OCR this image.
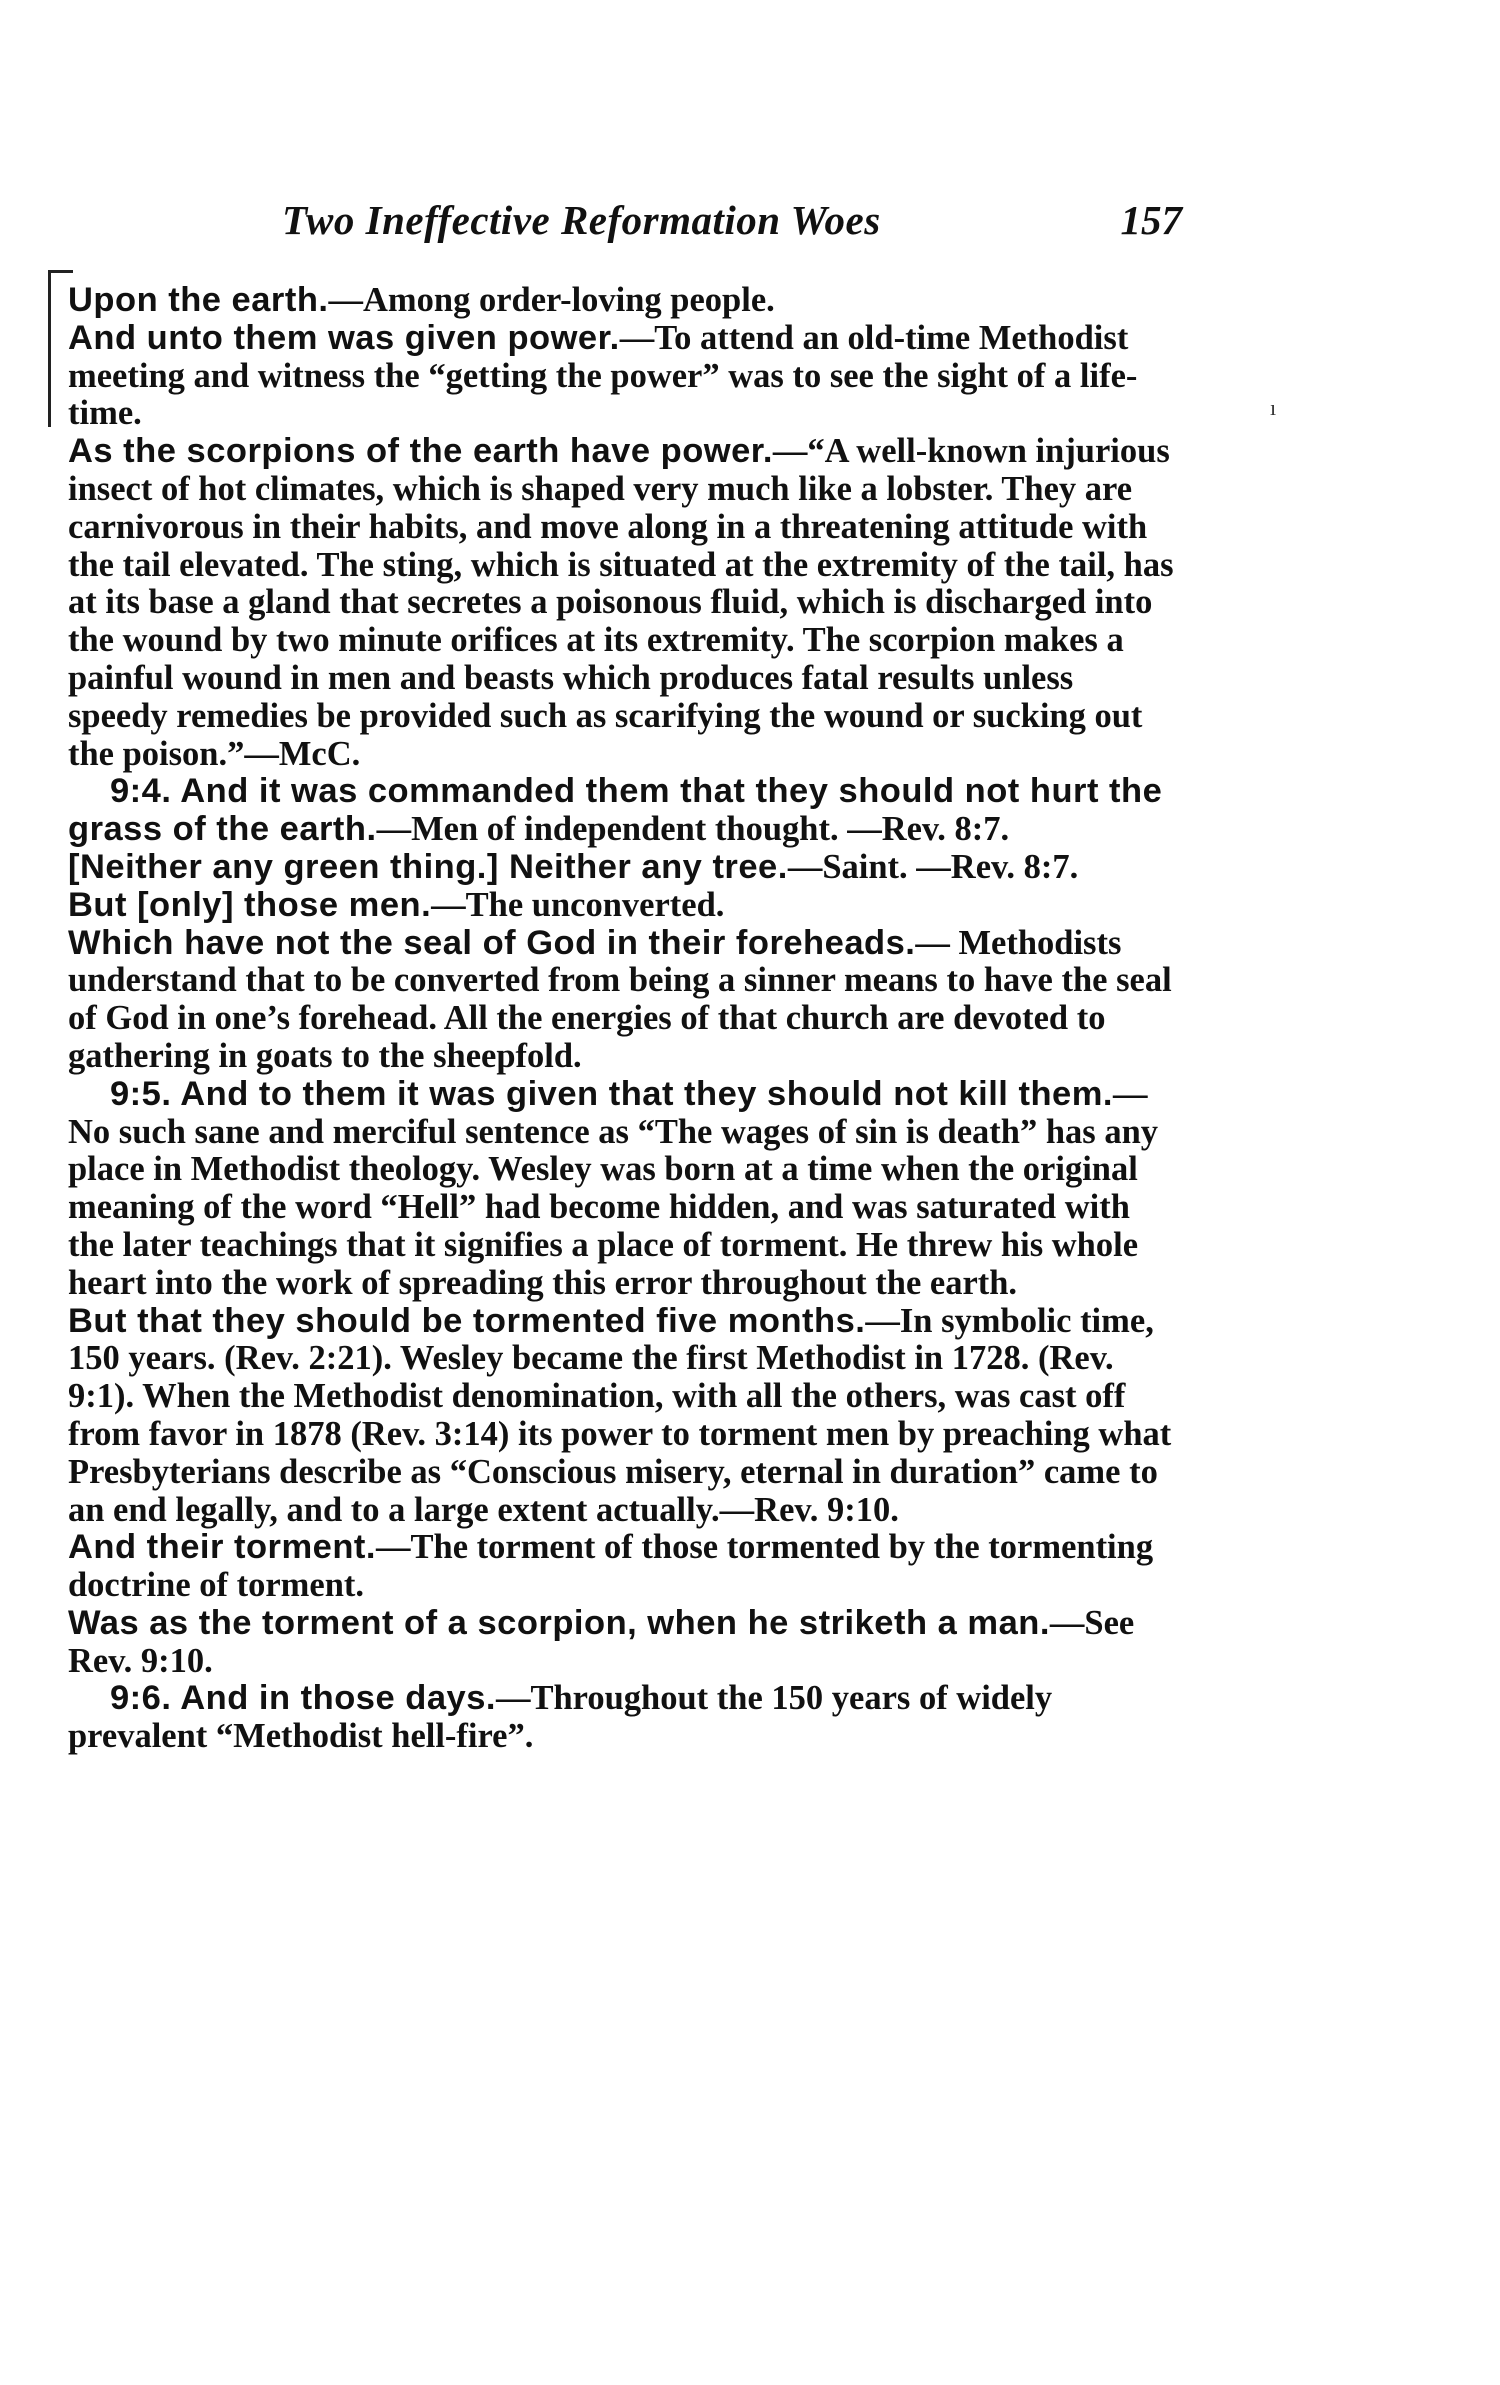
Two Ineffective Reformation Woes	157
ı

Upon the earth.—Among order-loving people.

And unto them was given power.—To attend an old-time Methodist meeting and witness the “getting the power” was to see the sight of a life-time.

As the scorpions of the earth have power.—“A well-known injurious insect of hot climates, which is shaped very much like a lobster. They are carnivorous in their habits, and move along in a threatening attitude with the tail elevated. The sting, which is situated at the extremity of the tail, has at its base a gland that secretes a poisonous fluid, which is discharged into the wound by two minute orifices at its extremity. The scorpion makes a painful wound in men and beasts which produces fatal results unless speedy remedies be provided such as scarifying the wound or sucking out the poison.”—McC.

9:4. And it was commanded them that they should not hurt the grass of the earth.—Men of independent thought. —Rev. 8:7.

[Neither any green thing.] Neither any tree.—Saint. —Rev. 8:7.

But [only] those men.—The unconverted.

Which have not the seal of God in their foreheads.— Methodists understand that to be converted from being a sinner means to have the seal of God in one’s forehead. All the energies of that church are devoted to gathering in goats to the sheepfold.

9:5. And to them it was given that they should not kill them.—No such sane and merciful sentence as “The wages of sin is death” has any place in Methodist theology. Wesley was born at a time when the original meaning of the word “Hell” had become hidden, and was saturated with the later teachings that it signifies a place of torment. He threw his whole heart into the work of spreading this error throughout the earth.

But that they should be tormented five months.—In symbolic time, 150 years. (Rev. 2:21). Wesley became the first Methodist in 1728. (Rev. 9:1). When the Methodist denomination, with all the others, was cast off from favor in 1878 (Rev. 3:14) its power to torment men by preaching what Presbyterians describe as “Conscious misery, eternal in duration” came to an end legally, and to a large extent actually.—Rev. 9:10.

And their torment.—The torment of those tormented by the tormenting doctrine of torment.

Was as the torment of a scorpion, when he striketh a man.—See Rev. 9:10.

9:6. And in those days.—Throughout the 150 years of widely prevalent “Methodist hell-fire”.
